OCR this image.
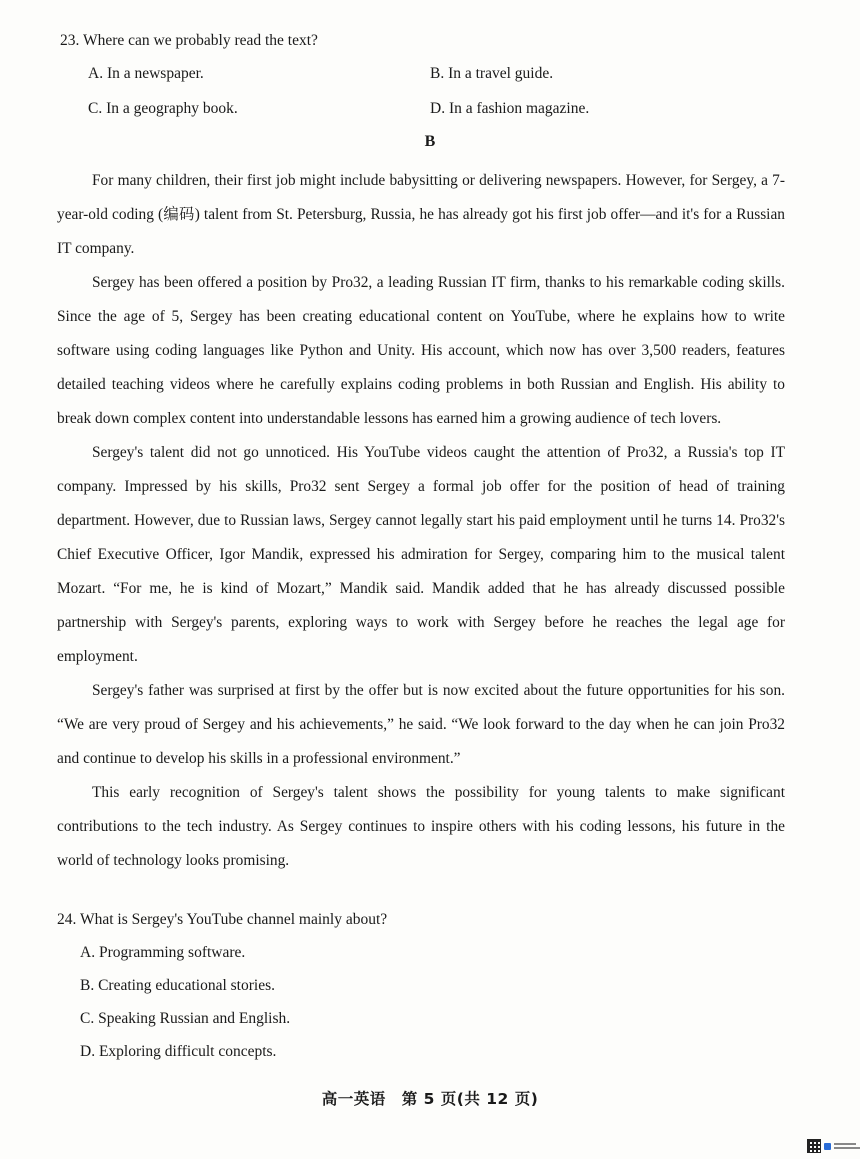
23. Where can we probably read the text?
A. In a newspaper.	B. In a travel guide.
C. In a geography book.	D. In a fashion magazine.
B

For many children, their first job might include babysitting or delivering newspapers. However, for Sergey, a 7-year-old coding (编码) talent from St. Petersburg, Russia, he has already got his first job offer—and it's for a Russian IT company.

Sergey has been offered a position by Pro32, a leading Russian IT firm, thanks to his remarkable coding skills. Since the age of 5, Sergey has been creating educational content on YouTube, where he explains how to write software using coding languages like Python and Unity. His account, which now has over 3,500 readers, features detailed teaching videos where he carefully explains coding problems in both Russian and English. His ability to break down complex content into understandable lessons has earned him a growing audience of tech lovers.

Sergey's talent did not go unnoticed. His YouTube videos caught the attention of Pro32, a Russia's top IT company. Impressed by his skills, Pro32 sent Sergey a formal job offer for the position of head of training department. However, due to Russian laws, Sergey cannot legally start his paid employment until he turns 14. Pro32's Chief Executive Officer, Igor Mandik, expressed his admiration for Sergey, comparing him to the musical talent Mozart. “For me, he is kind of Mozart,” Mandik said. Mandik added that he has already discussed possible partnership with Sergey's parents, exploring ways to work with Sergey before he reaches the legal age for employment.

Sergey's father was surprised at first by the offer but is now excited about the future opportunities for his son. “We are very proud of Sergey and his achievements,” he said. “We look forward to the day when he can join Pro32 and continue to develop his skills in a professional environment.”

This early recognition of Sergey's talent shows the possibility for young talents to make significant contributions to the tech industry. As Sergey continues to inspire others with his coding lessons, his future in the world of technology looks promising.

24. What is Sergey's YouTube channel mainly about?
A. Programming software.
B. Creating educational stories.
C. Speaking Russian and English.
D. Exploring difficult concepts.
高一英语　第 5 页(共 12 页)
